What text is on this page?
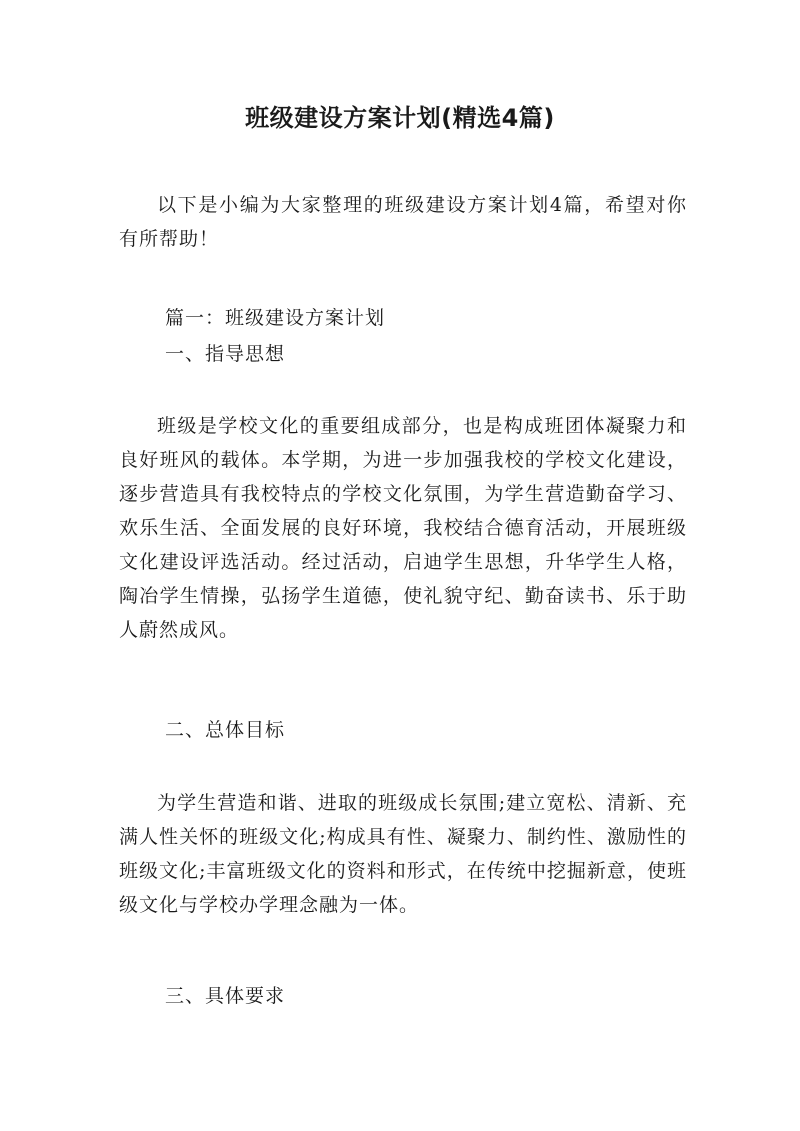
班级建设方案计划(精选4篇)
以下是小编为大家整理的班级建设方案计划4篇，希望对你有所帮助！
篇一：班级建设方案计划
一、指导思想
班级是学校文化的重要组成部分，也是构成班团体凝聚力和良好班风的载体。本学期，为进一步加强我校的学校文化建设，逐步营造具有我校特点的学校文化氛围，为学生营造勤奋学习、欢乐生活、全面发展的良好环境，我校结合德育活动，开展班级文化建设评选活动。经过活动，启迪学生思想，升华学生人格，陶冶学生情操，弘扬学生道德，使礼貌守纪、勤奋读书、乐于助人蔚然成风。
二、总体目标
为学生营造和谐、进取的班级成长氛围;建立宽松、清新、充满人性关怀的班级文化;构成具有性、凝聚力、制约性、激励性的班级文化;丰富班级文化的资料和形式，在传统中挖掘新意，使班级文化与学校办学理念融为一体。
三、具体要求
